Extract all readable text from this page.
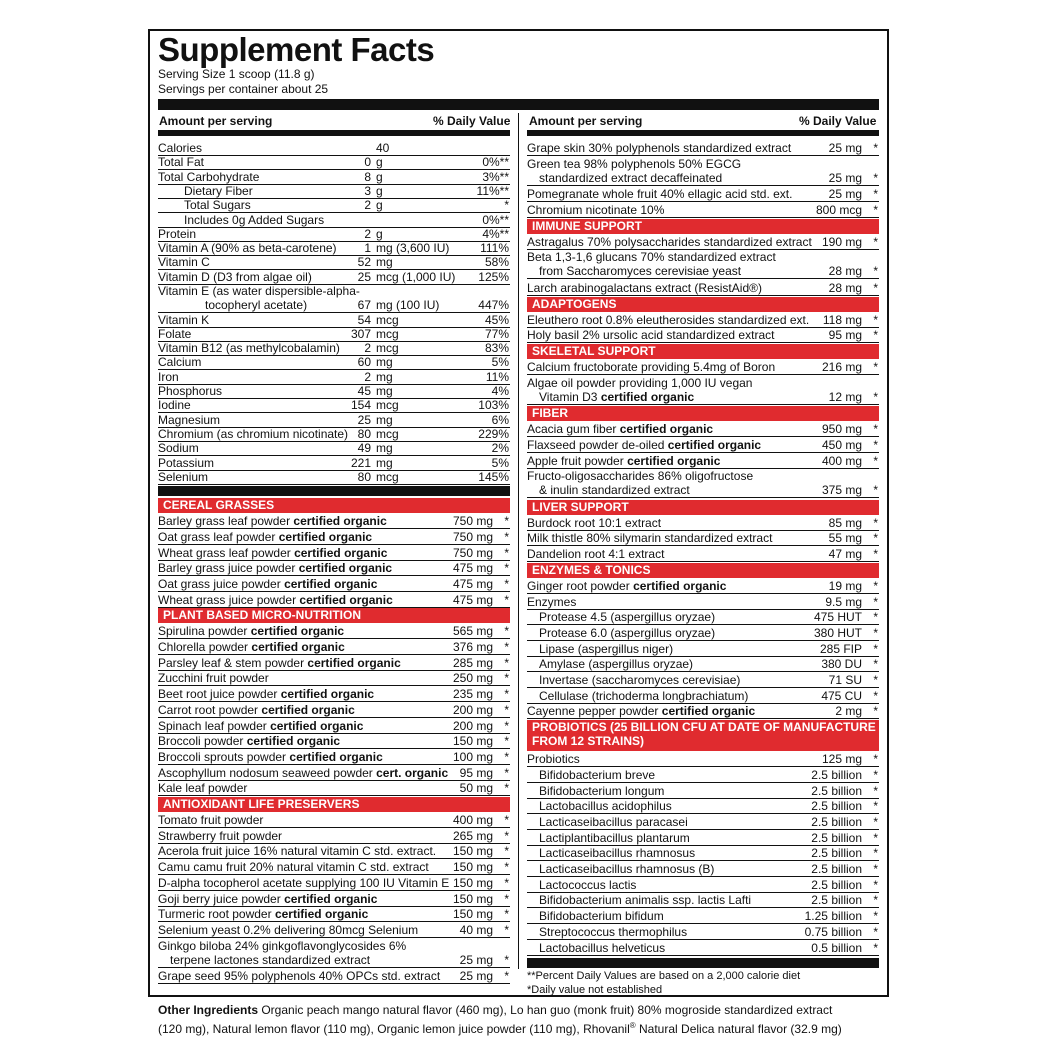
Supplement Facts
Serving Size 1 scoop (11.8 g)
Servings per container about 25
Amount per serving	% Daily Value Amount per serving	% Daily Value
Calories	40
Total Fat	0 g	0%**
Total Carbohydrate	8 g	3%**
Dietary Fiber	3 g	11%**
Total Sugars	2 g	*
Includes 0g Added Sugars	0%**
Protein	2 g	4%**
Vitamin A (90% as beta-carotene) 1 mg (3,600 IU)	111%
Vitamin C	52 mg	58%
Vitamin D (D3 from algae oil)	25 mcg (1,000 IU) 125%
Vitamin E (as water dispersible-alpha-
tocopheryl acetate)	67 mg (100 IU)	447%
Vitamin K	54 mcg	45%
Folate	307 mcg	77%
Vitamin B12 (as methylcobalamin) 2 mcg	83%
Calcium	60 mg	5%
Iron	2 mg	11%
Phosphorus	45 mg	4%
Iodine	154 mcg	103%
Magnesium	25 mg	6%
Chromium (as chromium nicotinate) 80 mcg	229%
Sodium	49 mg	2%
Potassium	221 mg	5%
Selenium	80 mcg	145%
CEREAL GRASSES
Barley grass leaf powder certified organic	750 mg *
Oat grass leaf powder certified organic	750 mg *
Wheat grass leaf powder certified organic	750 mg *
Barley grass juice powder certified organic	475 mg *
Oat grass juice powder certified organic	475 mg *
Wheat grass juice powder certified organic	475 mg *
PLANT BASED MICRO-NUTRITION
Spirulina powder certified organic	565 mg *
Chlorella powder certified organic	376 mg *
Parsley leaf & stem powder certified organic	285 mg *
Zucchini fruit powder	250 mg *
Beet root juice powder certified organic	235 mg *
Carrot root powder certified organic	200 mg *
Spinach leaf powder certified organic	200 mg *
Broccoli powder certified organic	150 mg *
Broccoli sprouts powder certified organic	100 mg *
Ascophyllum nodosum seaweed powder cert. organic 95 mg *
Kale leaf powder	50 mg *
ANTIOXIDANT LIFE PRESERVERS
Tomato fruit powder	400 mg *
Strawberry fruit powder	265 mg *
Acerola fruit juice 16% natural vitamin C std. extract. 150 mg *
Camu camu fruit 20% natural vitamin C std. extract 150 mg *
D-alpha tocopherol acetate supplying 100 IU Vitamin E 150 mg *
Goji berry juice powder certified organic	150 mg *
Turmeric root powder certified organic	150 mg *
Selenium yeast 0.2% delivering 80mcg Selenium	40 mg *
Ginkgo biloba 24% ginkgoflavonglycosides 6%
terpene lactones standardized extract	25 mg *
Grape seed 95% polyphenols 40% OPCs std. extract 25 mg *
Grape skin 30% polyphenols standardized extract	25 mg *
Green tea 98% polyphenols 50% EGCG
standardized extract decaffeinated	25 mg *
Pomegranate whole fruit 40% ellagic acid std. ext.	25 mg *
Chromium nicotinate 10%	800 mcg *
IMMUNE SUPPORT
Astragalus 70% polysaccharides standardized extract 190 mg *
Beta 1,3-1,6 glucans 70% standardized extract
from Saccharomyces cerevisiae yeast	28 mg *
Larch arabinogalactans extract (ResistAid®)	28 mg *
ADAPTOGENS
Eleuthero root 0.8% eleutherosides standardized ext. 118 mg *
Holy basil 2% ursolic acid standardized extract	95 mg *
SKELETAL SUPPORT
Calcium fructoborate providing 5.4mg of Boron	216 mg *
Algae oil powder providing 1,000 IU vegan
Vitamin D3 certified organic	12 mg *
FIBER
Acacia gum fiber certified organic	950 mg *
Flaxseed powder de-oiled certified organic	450 mg *
Apple fruit powder certified organic	400 mg *
Fructo-oligosaccharides 86% oligofructose
& inulin standardized extract	375 mg *
LIVER SUPPORT
Burdock root 10:1 extract	85 mg *
Milk thistle 80% silymarin standardized extract	55 mg *
Dandelion root 4:1 extract	47 mg *
ENZYMES & TONICS
Ginger root powder certified organic	19 mg *
Enzymes	9.5 mg *
Protease 4.5 (aspergillus oryzae)	475 HUT *
Protease 6.0 (aspergillus oryzae)	380 HUT *
Lipase (aspergillus niger)	285 FIP *
Amylase (aspergillus oryzae)	380 DU *
Invertase (saccharomyces cerevisiae)	71 SU *
Cellulase (trichoderma longbrachiatum)	475 CU *
Cayenne pepper powder certified organic	2 mg *
PROBIOTICS (25 BILLION CFU AT DATE OF MANUFACTURE
FROM 12 STRAINS)
Probiotics	125 mg *
Bifidobacterium breve	2.5 billion *
Bifidobacterium longum	2.5 billion *
Lactobacillus acidophilus	2.5 billion *
Lacticaseibacillus paracasei	2.5 billion *
Lactiplantibacillus plantarum	2.5 billion *
Lacticaseibacillus rhamnosus	2.5 billion *
Lacticaseibacillus rhamnosus (B)	2.5 billion *
Lactococcus lactis	2.5 billion *
Bifidobacterium animalis ssp. lactis Lafti	2.5 billion *
Bifidobacterium bifidum	1.25 billion *
Streptococcus thermophilus	0.75 billion *
Lactobacillus helveticus	0.5 billion *
**Percent Daily Values are based on a 2,000 calorie diet
*Daily value not established
Other Ingredients Organic peach mango natural flavor (460 mg), Lo han guo (monk fruit) 80% mogroside standardized extract (120 mg), Natural lemon flavor (110 mg), Organic lemon juice powder (110 mg), Rhovanil® Natural Delica natural flavor (32.9 mg)
